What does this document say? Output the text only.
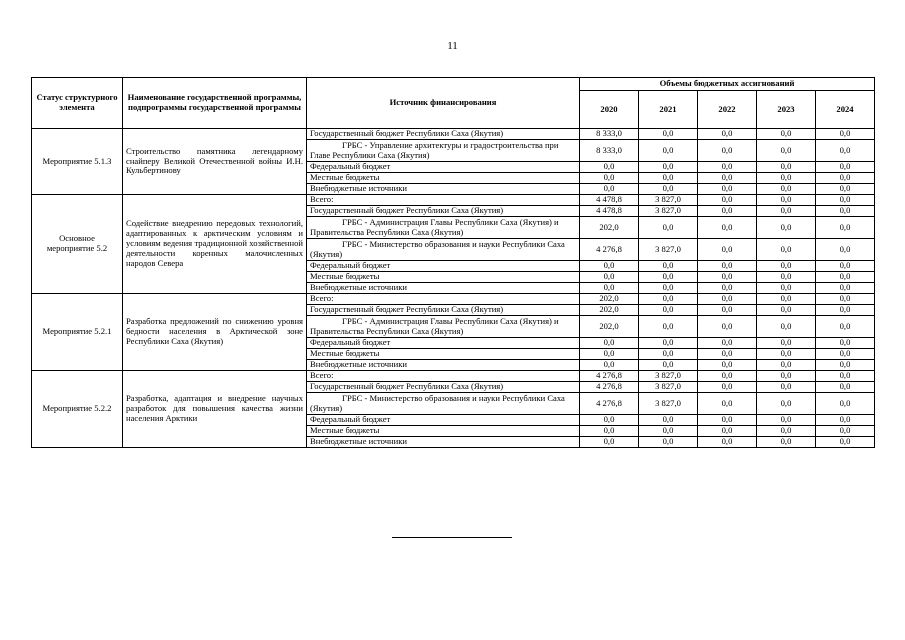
11
Статус структурного элемента	Наименование государственной программы, подпрограммы государственной программы	Источник финансирования	Объемы бюджетных ассигнований				
			2020	2021	2022	2023	2024
Мероприятие 5.1.3	Строительство памятника легендарному снайперу Великой Отечественной войны И.Н. Кульбертинову	Государственный бюджет Республики Саха (Якутия)	8 333,0	0,0	0,0	0,0	0,0
		ГРБС - Управление архитектуры и градостроительства при Главе Республики Саха (Якутия)	8 333,0	0,0	0,0	0,0	0,0
		Федеральный бюджет	0,0	0,0	0,0	0,0	0,0
		Местные бюджеты	0,0	0,0	0,0	0,0	0,0
		Внебюджетные источники	0,0	0,0	0,0	0,0	0,0
Основное мероприятие 5.2	Содействие внедрению передовых технологий, адаптированных к арктическим условиям и условиям ведения традиционной хозяйственной деятельности коренных малочисленных народов Севера	Всего:	4 478,8	3 827,0	0,0	0,0	0,0
		Государственный бюджет Республики Саха (Якутия)	4 478,8	3 827,0	0,0	0,0	0,0
		ГРБС - Администрация Главы Республики Саха (Якутия) и Правительства Республики Саха (Якутия)	202,0	0,0	0,0	0,0	0,0
		ГРБС - Министерство образования и науки Республики Саха (Якутия)	4 276,8	3 827,0	0,0	0,0	0,0
		Федеральный бюджет	0,0	0,0	0,0	0,0	0,0
		Местные бюджеты	0,0	0,0	0,0	0,0	0,0
		Внебюджетные источники	0,0	0,0	0,0	0,0	0,0
Мероприятие 5.2.1	Разработка предложений по снижению уровня бедности населения в Арктической зоне Республики Саха (Якутия)	Всего:	202,0	0,0	0,0	0,0	0,0
		Государственный бюджет Республики Саха (Якутия)	202,0	0,0	0,0	0,0	0,0
		ГРБС - Администрация Главы Республики Саха (Якутия) и Правительства Республики Саха (Якутия)	202,0	0,0	0,0	0,0	0,0
		Федеральный бюджет	0,0	0,0	0,0	0,0	0,0
		Местные бюджеты	0,0	0,0	0,0	0,0	0,0
		Внебюджетные источники	0,0	0,0	0,0	0,0	0,0
Мероприятие 5.2.2	Разработка, адаптация и внедрение научных разработок для повышения качества жизни населения Арктики	Всего:	4 276,8	3 827,0	0,0	0,0	0,0
		Государственный бюджет Республики Саха (Якутия)	4 276,8	3 827,0	0,0	0,0	0,0
		ГРБС - Министерство образования и науки Республики Саха (Якутия)	4 276,8	3 827,0	0,0	0,0	0,0
		Федеральный бюджет	0,0	0,0	0,0	0,0	0,0
		Местные бюджеты	0,0	0,0	0,0	0,0	0,0
		Внебюджетные источники	0,0	0,0	0,0	0,0	0,0
